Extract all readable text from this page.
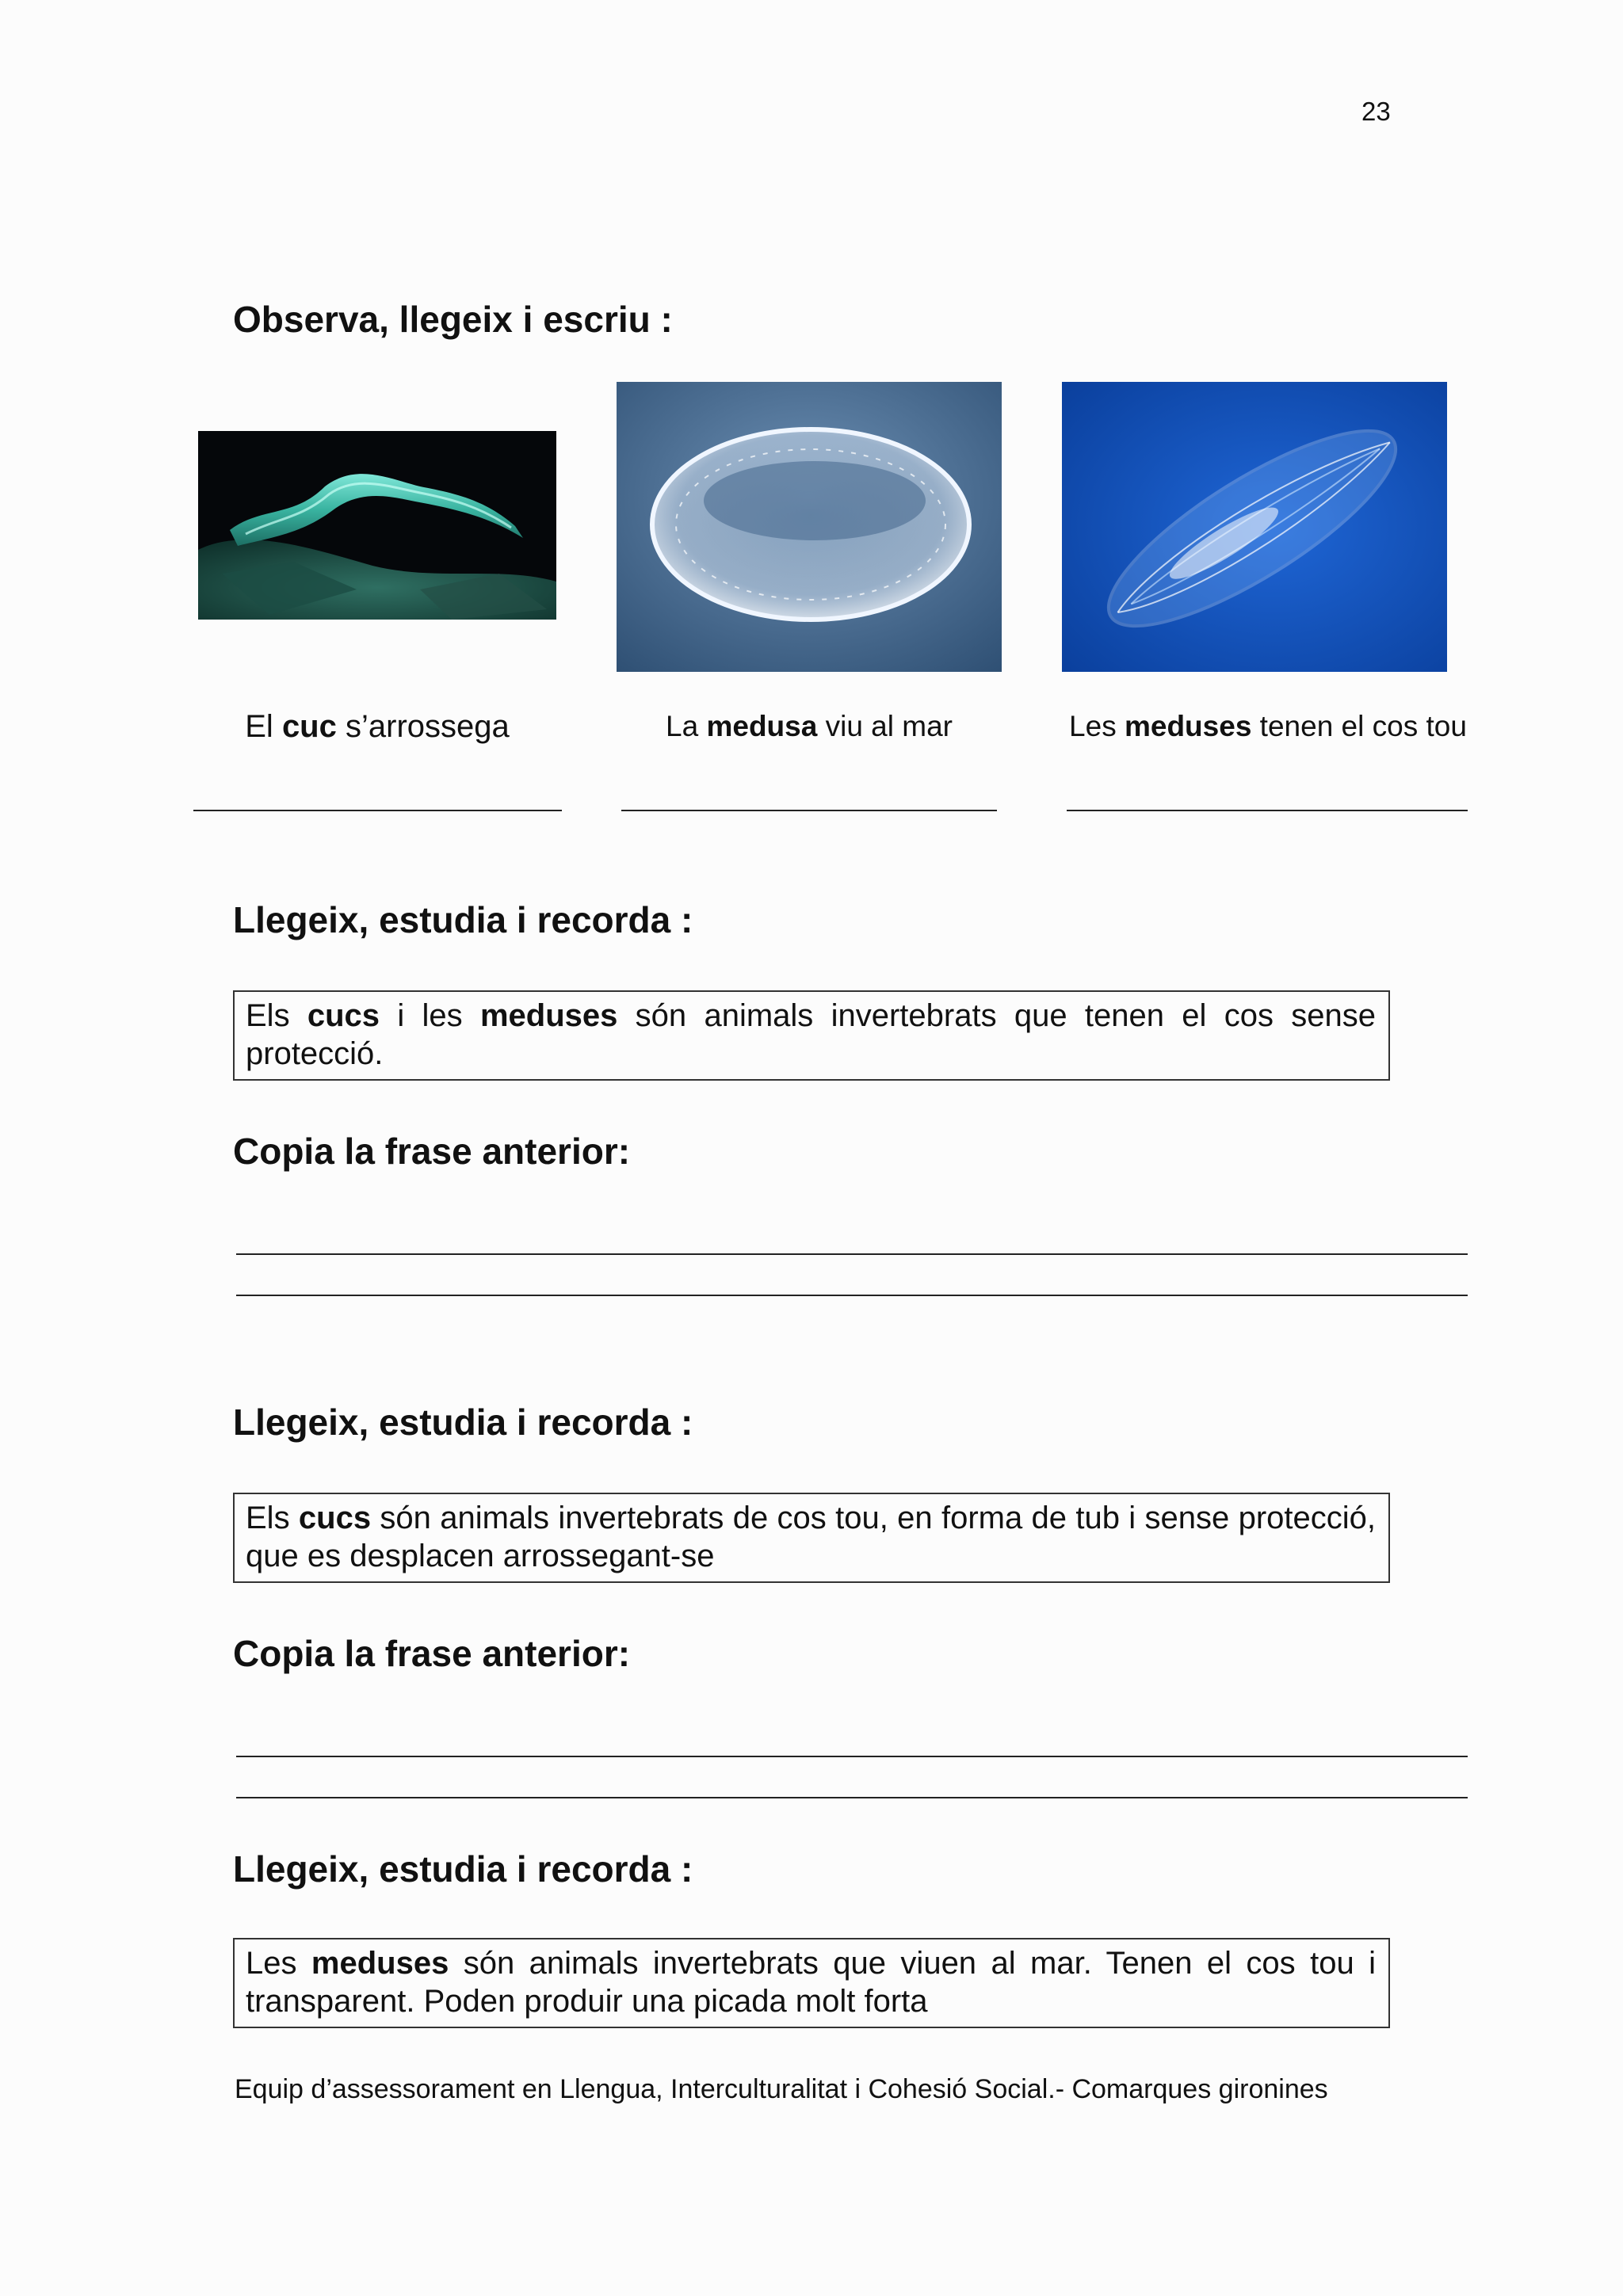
23
Observa, llegeix i escriu :
El cuc s’arrossega	La medusa viu al mar	Les meduses tenen el cos tou
Llegeix, estudia i recorda :
Els cucs i les meduses són animals invertebrats que tenen el cos sense protecció.
Copia la frase anterior:
Llegeix, estudia i recorda :
Els cucs són animals invertebrats de cos tou, en forma de tub i sense protecció, que es desplacen arrossegant-se
Copia la frase anterior:
Llegeix, estudia i recorda :
Les meduses són animals invertebrats que viuen al mar. Tenen el cos tou i transparent. Poden produir una picada molt forta
Equip d’assessorament en Llengua, Interculturalitat i Cohesió Social.- Comarques gironines
